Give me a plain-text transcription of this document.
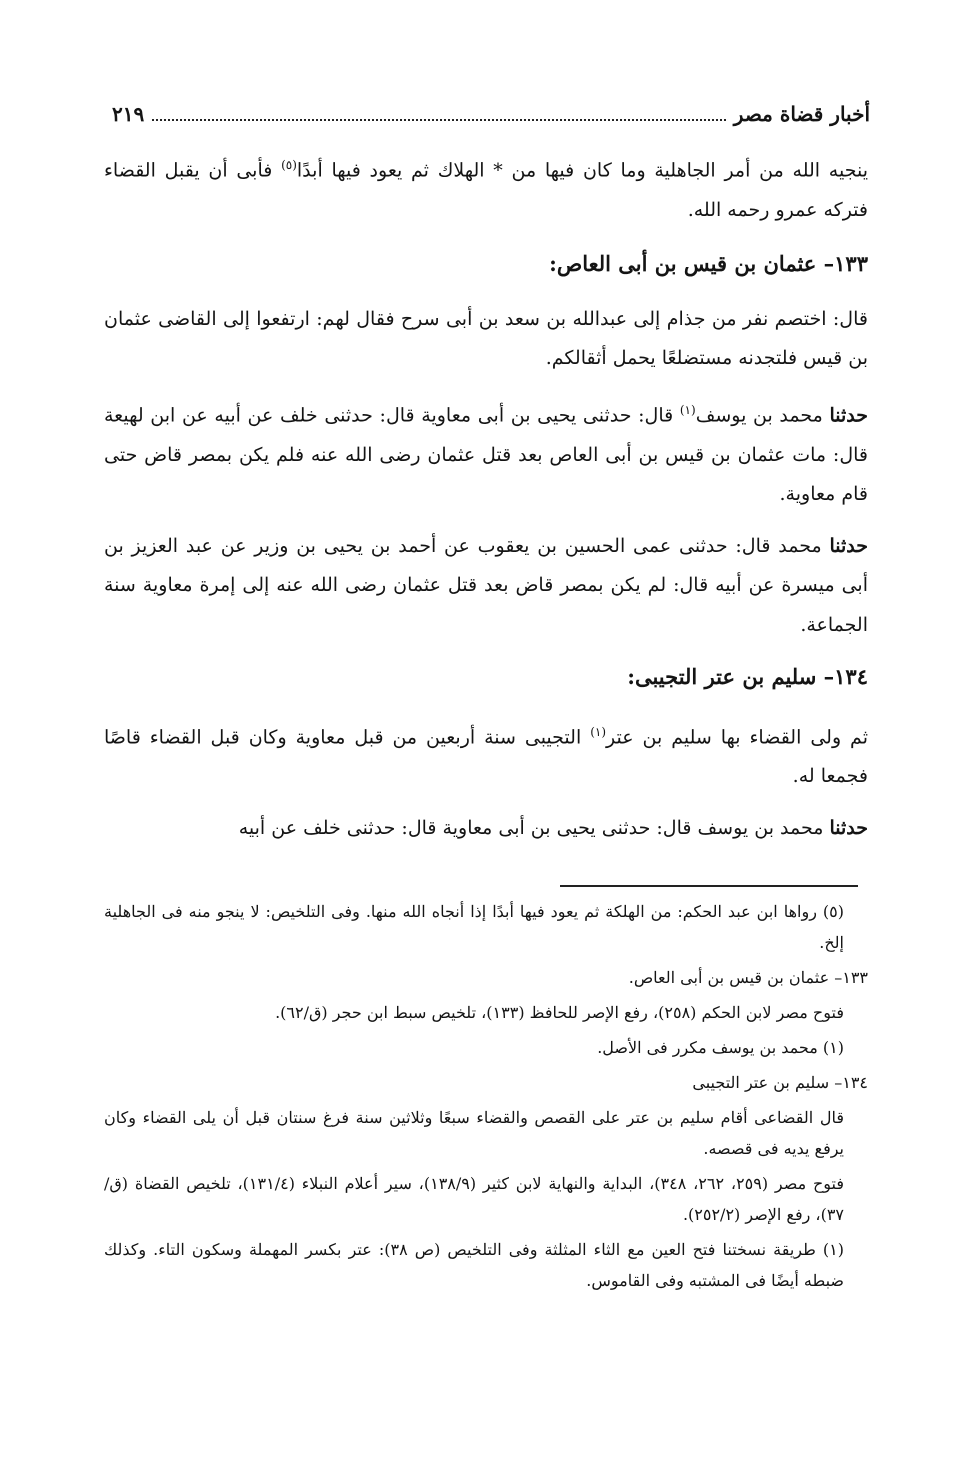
أخبار قضاة مصر
٢١٩

ينجيه الله من أمر الجاهلية وما كان فيها من * الهلاك ثم يعود فيها أبدًا$^{(٥)}$ فأبى أن يقبل القضاء فتركه عمرو رحمه الله.

١٣٣– عثمان بن قيس بن أبى العاص:

قال: اختصم نفر من جذام إلى عبدالله بن سعد بن أبى سرح فقال لهم: ارتفعوا إلى القاضى عثمان بن قيس فلتجدنه مستضلعًا يحمل أثقالكم.

حدثنا محمد بن يوسف$^{(١)}$ قال: حدثنى يحيى بن أبى معاوية قال: حدثنى خلف عن أبيه عن ابن لهيعة قال: مات عثمان بن قيس بن أبى العاص بعد قتل عثمان رضى الله عنه فلم يكن بمصر قاض حتى قام معاوية.

حدثنا محمد قال: حدثنى عمى الحسين بن يعقوب عن أحمد بن يحيى بن وزير عن عبد العزيز بن أبى ميسرة عن أبيه قال: لم يكن بمصر قاض بعد قتل عثمان رضى الله عنه إلى إمرة معاوية سنة الجماعة.

١٣٤– سليم بن عتر التجيبى:

ثم ولى القضاء بها سليم بن عتر$^{(١)}$ التجيبى سنة أربعين من قبل معاوية وكان قبل القضاء قاصًا فجمعا له.

حدثنا محمد بن يوسف قال: حدثنى يحيى بن أبى معاوية قال: حدثنى خلف عن أبيه

(٥) رواها ابن عبد الحكم: من الهلكة ثم يعود فيها أبدًا إذا أنجاه الله منها. وفى التلخيص: لا ينجو منه فى الجاهلية إلخ.

١٣٣– عثمان بن قيس بن أبى العاص.

فتوح مصر لابن الحكم (٢٥٨)، رفع الإصر للحافظ (١٣٣)، تلخيص سبط ابن حجر (ق/٦٢).

(١) محمد بن يوسف مكرر فى الأصل.

١٣٤– سليم بن عتر التجيبى

قال القضاعى أقام سليم بن عتر على القصص والقضاء سبعًا وثلاثين سنة فرغ سنتان قبل أن يلى القضاء وكان يرفع يديه فى قصصه.

فتوح مصر (٢٥٩، ٢٦٢، ٣٤٨)، البداية والنهاية لابن كثير (١٣٨/٩)، سير أعلام النبلاء (١٣١/٤)، تلخيص القضاة (ق/٣٧)، رفع الإصر (٢٥٢/٢).

(١) طريقة نسختنا فتح العين مع الثاء المثلثة وفى التلخيص (ص ٣٨): عتر بكسر المهملة وسكون التاء. وكذلك ضبطه أيضًا فى المشتبه وفى القاموس.
